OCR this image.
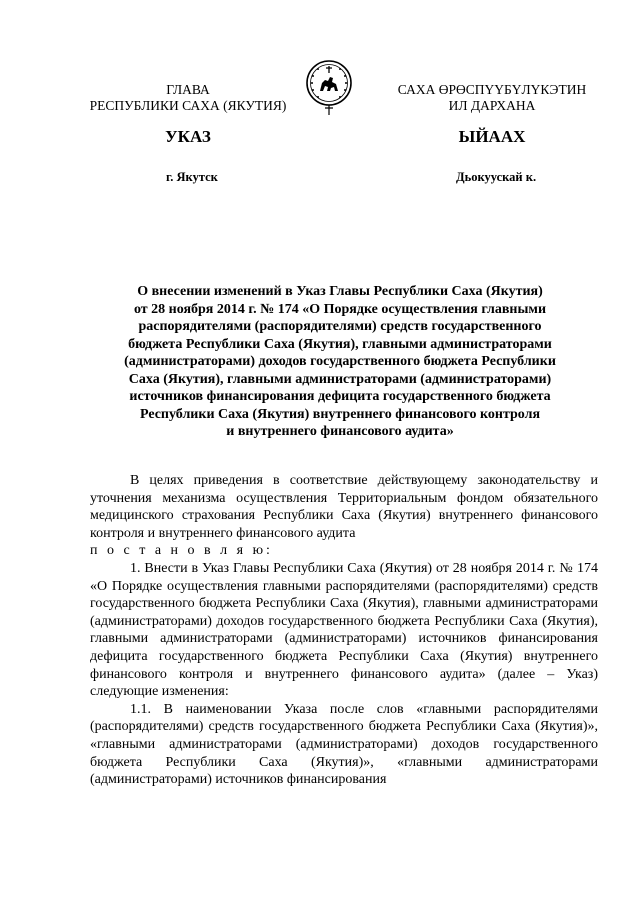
ГЛАВА
РЕСПУБЛИКИ САХА (ЯКУТИЯ)
САХА ӨРӨСПҮҮБҮЛҮКЭТИН
ИЛ ДАРХАНА
УКАЗ	ЫЙААХ
г. Якутск	Дьокуускай к.
О внесении изменений в Указ Главы Республики Саха (Якутия)
от 28 ноября 2014 г. № 174 «О Порядке осуществления главными
распорядителями (распорядителями) средств государственного
бюджета Республики Саха (Якутия), главными администраторами
(администраторами) доходов государственного бюджета Республики
Саха (Якутия), главными администраторами (администраторами)
источников финансирования дефицита государственного бюджета
Республики Саха (Якутия) внутреннего финансового контроля
и внутреннего финансового аудита»

В целях приведения в соответствие действующему законодательству и уточнения механизма осуществления Территориальным фондом обязательного медицинского страхования Республики Саха (Якутия) внутреннего финансового контроля и внутреннего финансового аудита

п о с т а н о в л я ю:

1. Внести в Указ Главы Республики Саха (Якутия) от 28 ноября 2014 г. № 174 «О Порядке осуществления главными распорядителями (распорядителями) средств государственного бюджета Республики Саха (Якутия), главными администраторами (администраторами) доходов государственного бюджета Республики Саха (Якутия), главными администраторами (администраторами) источников финансирования дефицита государственного бюджета Республики Саха (Якутия) внутреннего финансового контроля и внутреннего финансового аудита» (далее – Указ) следующие изменения:

1.1. В наименовании Указа после слов «главными распорядителями (распорядителями) средств государственного бюджета Республики Саха (Якутия)», «главными администраторами (администраторами) доходов государственного бюджета Республики Саха (Якутия)», «главными администраторами (администраторами) источников финансирования
